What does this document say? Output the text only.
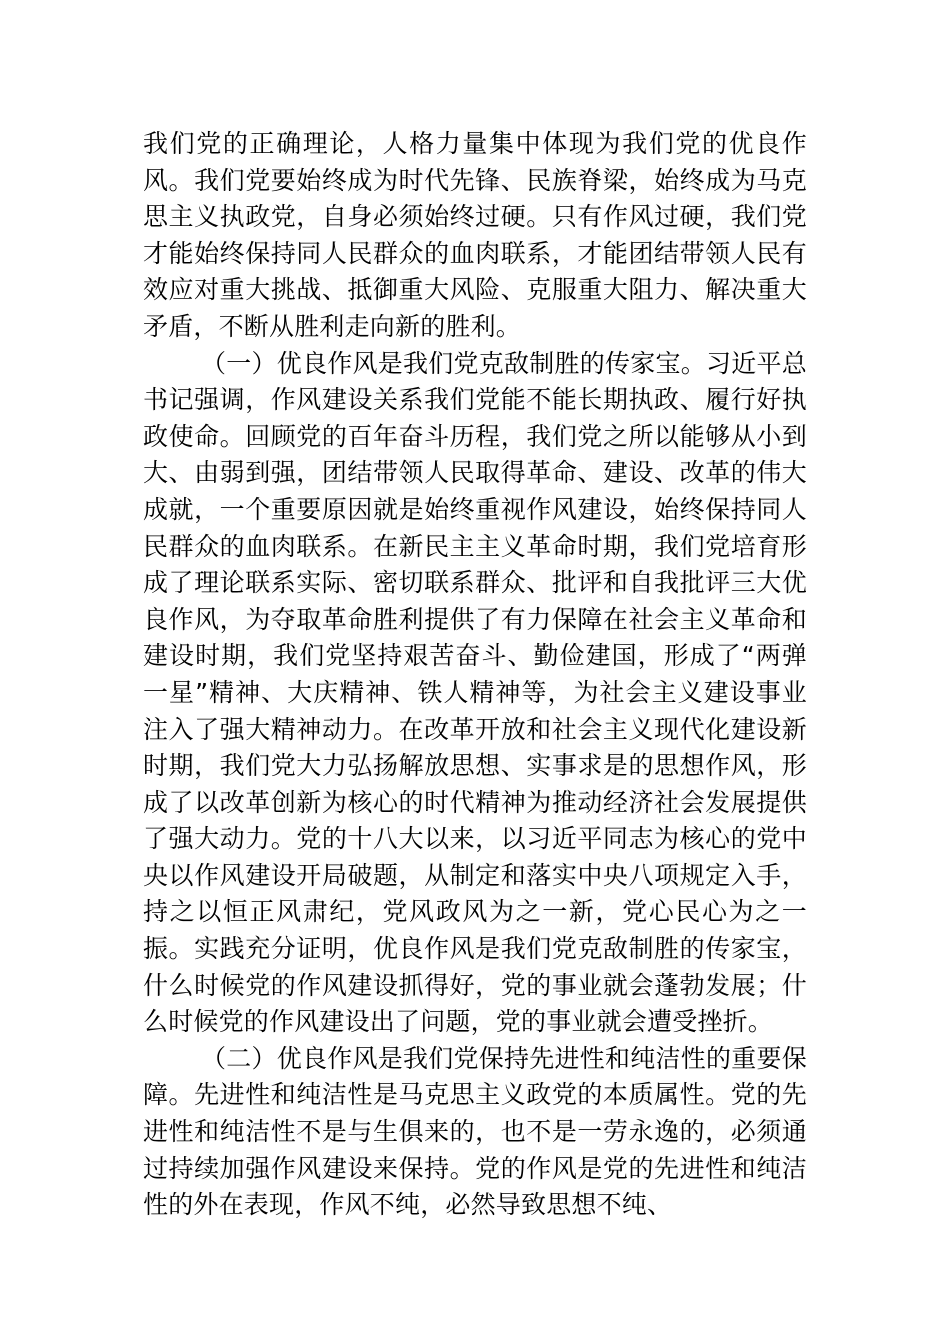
我们党的正确理论，人格力量集中体现为我们党的优良作风。我们党要始终成为时代先锋、民族脊梁，始终成为马克思主义执政党，自身必须始终过硬。只有作风过硬，我们党才能始终保持同人民群众的血肉联系，才能团结带领人民有效应对重大挑战、抵御重大风险、克服重大阻力、解决重大矛盾，不断从胜利走向新的胜利。

（一）优良作风是我们党克敌制胜的传家宝。习近平总书记强调，作风建设关系我们党能不能长期执政、履行好执政使命。回顾党的百年奋斗历程，我们党之所以能够从小到大、由弱到强，团结带领人民取得革命、建设、改革的伟大成就，一个重要原因就是始终重视作风建设，始终保持同人民群众的血肉联系。在新民主主义革命时期，我们党培育形成了理论联系实际、密切联系群众、批评和自我批评三大优良作风，为夺取革命胜利提供了有力保障在社会主义革命和建设时期，我们党坚持艰苦奋斗、勤俭建国，形成了“两弹一星”精神、大庆精神、铁人精神等，为社会主义建设事业注入了强大精神动力。在改革开放和社会主义现代化建设新时期，我们党大力弘扬解放思想、实事求是的思想作风，形成了以改革创新为核心的时代精神为推动经济社会发展提供了强大动力。党的十八大以来，以习近平同志为核心的党中央以作风建设开局破题，从制定和落实中央八项规定入手，持之以恒正风肃纪，党风政风为之一新，党心民心为之一振。实践充分证明，优良作风是我们党克敌制胜的传家宝，什么时候党的作风建设抓得好，党的事业就会蓬勃发展；什么时候党的作风建设出了问题，党的事业就会遭受挫折。

（二）优良作风是我们党保持先进性和纯洁性的重要保障。先进性和纯洁性是马克思主义政党的本质属性。党的先进性和纯洁性不是与生俱来的，也不是一劳永逸的，必须通过持续加强作风建设来保持。党的作风是党的先进性和纯洁性的外在表现，作风不纯，必然导致思想不纯、
